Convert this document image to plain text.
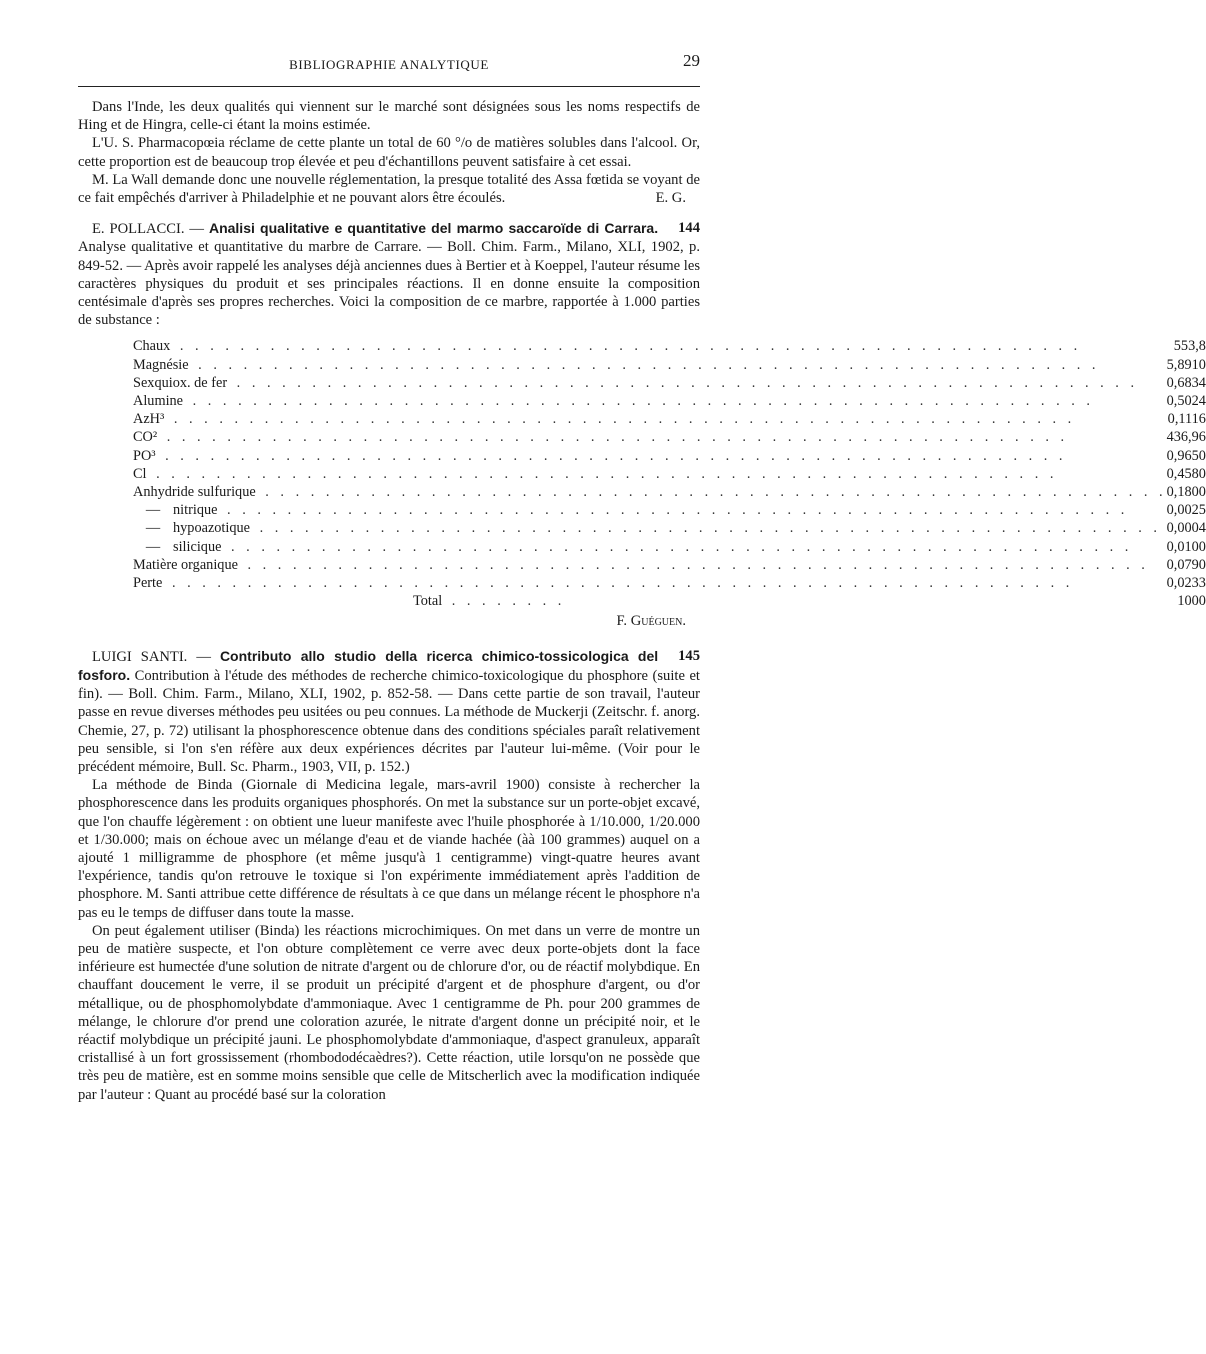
BIBLIOGRAPHIE ANALYTIQUE	29

Dans l'Inde, les deux qualités qui viennent sur le marché sont désignées sous les noms respectifs de Hing et de Hingra, celle-ci étant la moins estimée.

L'U. S. Pharmacopœia réclame de cette plante un total de 60 °/o de matières solubles dans l'alcool. Or, cette proportion est de beaucoup trop élevée et peu d'échantillons peuvent satisfaire à cet essai.

M. La Wall demande donc une nouvelle réglementation, la presque totalité des Assa fœtida se voyant de ce fait empêchés d'arriver à Philadelphie et ne pouvant alors être écoulés.	E. G.

144
E. POLLACCI. — Analisi qualitative e quantitative del marmo saccaroïde di Carrara. Analyse qualitative et quantitative du marbre de Carrare. — Boll. Chim. Farm., Milano, XLI, 1902, p. 849-52. — Après avoir rappelé les analyses déjà anciennes dues à Bertier et à Koeppel, l'auteur résume les caractères physiques du produit et ses principales réactions. Il en donne ensuite la composition centésimale d'après ses propres recherches. Voici la composition de ce marbre, rapportée à 1.000 parties de substance :
Chaux . . . . . . . . . . . . . . . . . . . . . . . . . . . . . . . . . . . . . . . . . . . . . . . . . . . . . . . . . . . .	553,8
Magnésie . . . . . . . . . . . . . . . . . . . . . . . . . . . . . . . . . . . . . . . . . . . . . . . . . . . . . . . . . . . .	5,8910
Sexquiox. de fer . . . . . . . . . . . . . . . . . . . . . . . . . . . . . . . . . . . . . . . . . . . . . . . . . . . . . . . . . . . .	0,6834
Alumine . . . . . . . . . . . . . . . . . . . . . . . . . . . . . . . . . . . . . . . . . . . . . . . . . . . . . . . . . . . .	0,5024
AzH³ . . . . . . . . . . . . . . . . . . . . . . . . . . . . . . . . . . . . . . . . . . . . . . . . . . . . . . . . . . . .	0,1116
CO² . . . . . . . . . . . . . . . . . . . . . . . . . . . . . . . . . . . . . . . . . . . . . . . . . . . . . . . . . . . .	436,96
PO³ . . . . . . . . . . . . . . . . . . . . . . . . . . . . . . . . . . . . . . . . . . . . . . . . . . . . . . . . . . . .	0,9650
Cl . . . . . . . . . . . . . . . . . . . . . . . . . . . . . . . . . . . . . . . . . . . . . . . . . . . . . . . . . . . .	0,4580
Anhydride sulfurique . . . . . . . . . . . . . . . . . . . . . . . . . . . . . . . . . . . . . . . . . . . . . . . . . . . . . . . . . . . .	0,1800
— nitrique . . . . . . . . . . . . . . . . . . . . . . . . . . . . . . . . . . . . . . . . . . . . . . . . . . . . . . . . . . . .	0,0025
— hypoazotique . . . . . . . . . . . . . . . . . . . . . . . . . . . . . . . . . . . . . . . . . . . . . . . . . . . . . . . . . . . .	0,0004
— silicique . . . . . . . . . . . . . . . . . . . . . . . . . . . . . . . . . . . . . . . . . . . . . . . . . . . . . . . . . . . .	0,0100
Matière organique . . . . . . . . . . . . . . . . . . . . . . . . . . . . . . . . . . . . . . . . . . . . . . . . . . . . . . . . . . . .	0,0790
Perte . . . . . . . . . . . . . . . . . . . . . . . . . . . . . . . . . . . . . . . . . . . . . . . . . . . . . . . . . . . .	0,0233
Total . . . . . . . .	1000
F. Guéguen.
145
LUIGI SANTI. — Contributo allo studio della ricerca chimico-tossicologica del fosforo. Contribution à l'étude des méthodes de recherche chimico-toxicologique du phosphore (suite et fin). — Boll. Chim. Farm., Milano, XLI, 1902, p. 852-58. — Dans cette partie de son travail, l'auteur passe en revue diverses méthodes peu usitées ou peu connues. La méthode de Muckerji (Zeitschr. f. anorg. Chemie, 27, p. 72) utilisant la phosphorescence obtenue dans des conditions spéciales paraît relativement peu sensible, si l'on s'en réfère aux deux expériences décrites par l'auteur lui-même. (Voir pour le précédent mémoire, Bull. Sc. Pharm., 1903, VII, p. 152.)

La méthode de Binda (Giornale di Medicina legale, mars-avril 1900) consiste à rechercher la phosphorescence dans les produits organiques phosphorés. On met la substance sur un porte-objet excavé, que l'on chauffe légèrement : on obtient une lueur manifeste avec l'huile phosphorée à 1/10.000, 1/20.000 et 1/30.000; mais on échoue avec un mélange d'eau et de viande hachée (àà 100 grammes) auquel on a ajouté 1 milligramme de phosphore (et même jusqu'à 1 centigramme) vingt-quatre heures avant l'expérience, tandis qu'on retrouve le toxique si l'on expérimente immédiatement après l'addition de phosphore. M. Santi attribue cette différence de résultats à ce que dans un mélange récent le phosphore n'a pas eu le temps de diffuser dans toute la masse.

On peut également utiliser (Binda) les réactions microchimiques. On met dans un verre de montre un peu de matière suspecte, et l'on obture complètement ce verre avec deux porte-objets dont la face inférieure est humectée d'une solution de nitrate d'argent ou de chlorure d'or, ou de réactif molybdique. En chauffant doucement le verre, il se produit un précipité d'argent et de phosphure d'argent, ou d'or métallique, ou de phosphomolybdate d'ammoniaque. Avec 1 centigramme de Ph. pour 200 grammes de mélange, le chlorure d'or prend une coloration azurée, le nitrate d'argent donne un précipité noir, et le réactif molybdique un précipité jauni. Le phosphomolybdate d'ammoniaque, d'aspect granuleux, apparaît cristallisé à un fort grossissement (rhombododécaèdres?). Cette réaction, utile lorsqu'on ne possède que très peu de matière, est en somme moins sensible que celle de Mitscherlich avec la modification indiquée par l'auteur : Quant au procédé basé sur la coloration
